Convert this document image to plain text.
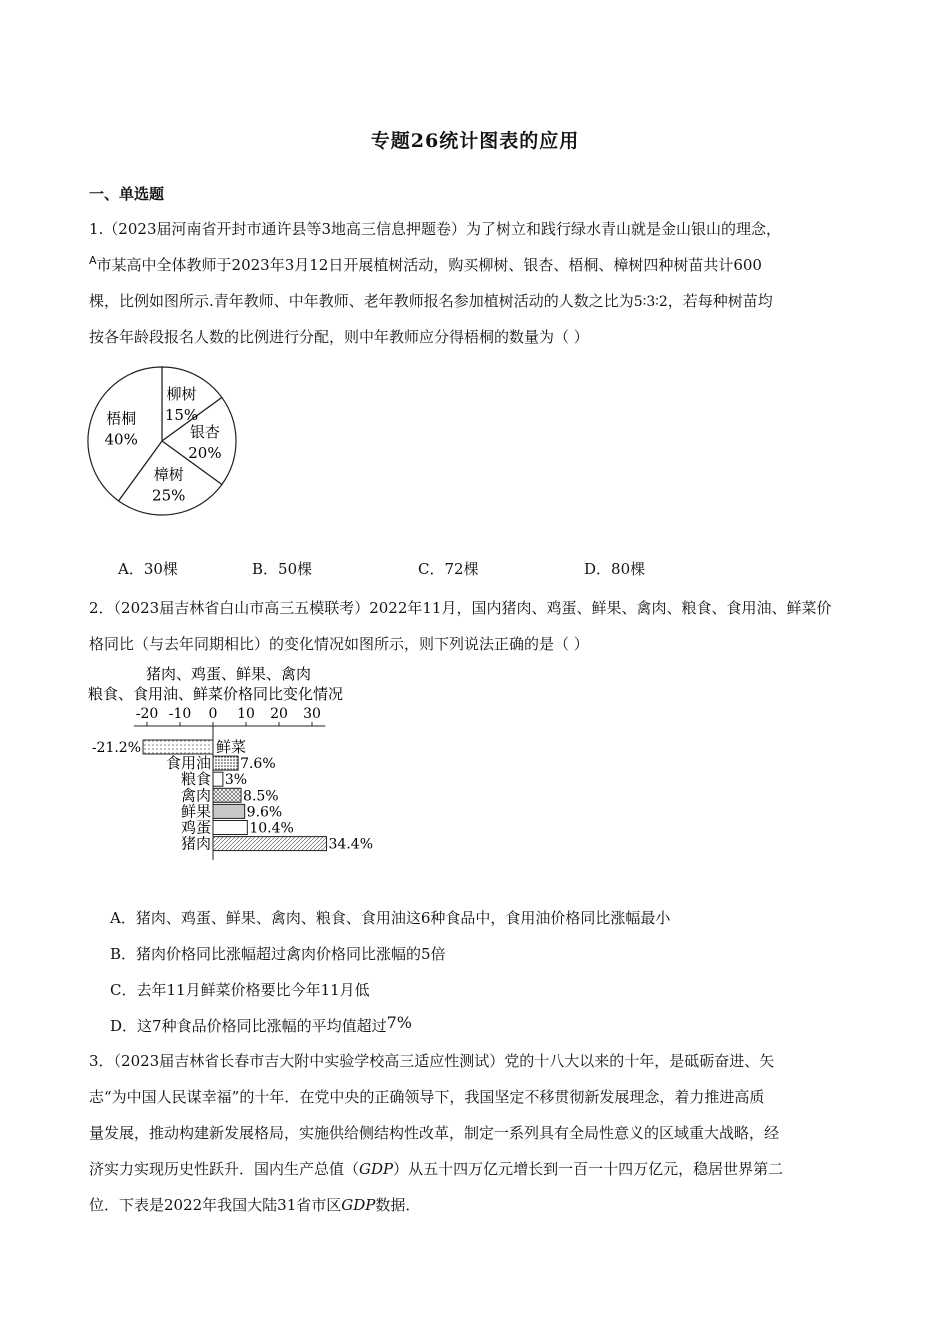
专题26统计图表的应用
一、单选题
1.（2023届河南省开封市通许县等3地高三信息押题卷）为了树立和践行绿水青山就是金山银山的理念，
$^A$市某高中全体教师于2023年3月12日开展植树活动，购买柳树、银杏、梧桐、樟树四种树苗共计600
棵，比例如图所示.青年教师、中年教师、老年教师报名参加植树活动的人数之比为5∶3∶2，若每种树苗均
按各年龄段报名人数的比例进行分配，则中年教师应分得梧桐的数量为（ ）
柳树
15%
银杏
20%
樟树
25%
梧桐
40%
A．30棵	B．50棵	C．72棵	D．80棵
2．（2023届吉林省白山市高三五模联考）2022年11月，国内猪肉、鸡蛋、鲜果、禽肉、粮食、食用油、鲜菜价
格同比（与去年同期相比）的变化情况如图所示，则下列说法正确的是（ ）
猪肉、鸡蛋、鲜果、禽肉
粮食、食用油、鲜菜价格同比变化情况
-20 -10 0 10 20 30
鲜菜
-21.2%
食用油 7.6%
粮食 3%
禽肉 8.5%
鲜果	9.6%
鸡蛋	10.4%
猪肉	34.4%
A．猪肉、鸡蛋、鲜果、禽肉、粮食、食用油这6种食品中，食用油价格同比涨幅最小
B．猪肉价格同比涨幅超过禽肉价格同比涨幅的5倍
C．去年11月鲜菜价格要比今年11月低
D．这7种食品价格同比涨幅的平均值超过7%
3．（2023届吉林省长春市吉大附中实验学校高三适应性测试）党的十八大以来的十年，是砥砺奋进、矢
志“为中国人民谋幸福”的十年．在党中央的正确领导下，我国坚定不移贯彻新发展理念，着力推进高质
量发展，推动构建新发展格局，实施供给侧结构性改革，制定一系列具有全局性意义的区域重大战略，经
济实力实现历史性跃升．国内生产总值（GDP）从五十四万亿元增长到一百一十四万亿元，稳居世界第二
位．下表是2022年我国大陆31省市区GDP数据．
